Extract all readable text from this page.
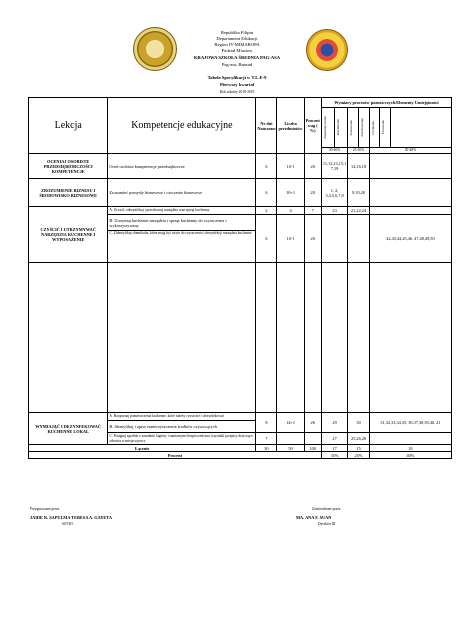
Republika Filipin
Departament Edukacji
Region IV-MIMAROPA
Podział Miastow
KRAJOWA SZKOŁA ŚREDNIA PAG-ASA
Pag-asa, Bansud
Tabela Specyfikacji w T.L.E-9
Pierwszy kwartał
Rok szkolny 2018-2019
Lekcja	Kompetencje edukacyjne	Nr dni Nauczono	Liczba przedmiotów	Procent wag ( %)	Wymiary procesów poznawczych/Elementy Umiejętności						

					Zapamiętywanie	Rozumienie	Stosowanie	Analizowanie	Ocenianie	Tworzenie	

					30-40%		25-30%		30-40%		
OCENIAJ OSOBISTE PRZEDSIĘBIORCZOŚCI KOMPETENCJE	Oceń osobiste kompetencje przedsiębiorcze	6	10-1	20	11,12,13,15,1 7,19		14,16,18				
ZROZUMIENIE BIZNESU I ŚRODOWISKO BIZNESOWE	Zrozumieć pomysły biznesowe i otoczenie biznesowe	6	10+1	20	1, 2, 3,4,5,6,7,8		9,10,20				
CZYŚCIĆ I UTRZYMYWAĆ NARZĘDZIA KUCHENNE I WYPOSAŻENIE	A. Oczyść, zdezynfekuj i przechowuj narzędzia oraz sprzęt kuchenny	2	4	7	23		21,22,24				
	B. Utrzymuj kuchenne narzędzia i sprzęt kuchenny do czyszczenia i wykorzystywany	6	10-1	20					42,43,44,45,46, 47,48,49,50		
	C. Zidentyfikuj chemikalia, które mają być użyte do czyszczenia i dezynfekcji narzędzia kuchenne										

WYMIAJĄĆ I DEZYNFEKOWAĆ KUCHENNE LOKAL	A. Rozpoznaj pomieszczenia kuchenne, które należy czyszczeć i dezynfekować	8	14+1	26	29		30		31,32,33,34,35, 36,37,38,39,40, 41		
	B. Identyfikuj i opisz zanieczyszczenia środków czyszczących										
	C. Postępuj zgodnie z zasadami higieny i sanitarnymi bezpieczeństwa (czynniki przepisy dotyczące zdrowia w miejscu pracy	7			27		25,26,28				
Łącznie		30	50	100	17		15		18		
Procent					35%		25%		40%		
Przygotowane przez
JAIDE R. SAPULMA TERESA A. GAYETA
SST-III
Zatwierdzone przez
MA. ANA F. SUAN
Dyrektor III
